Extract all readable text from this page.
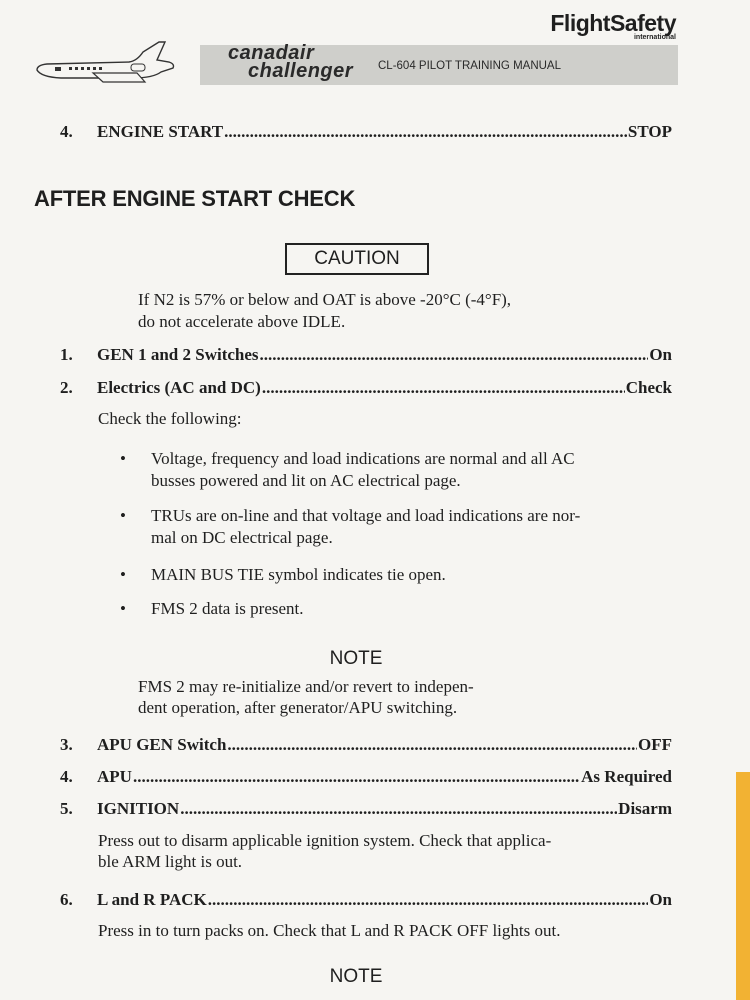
FlightSafety
international
canadair
challenger CL-604 PILOT TRAINING MANUAL
4.	ENGINE START .....	STOP
AFTER ENGINE START CHECK
CAUTION
If N2 is 57% or below and OAT is above -20°C (-4°F),
do not accelerate above IDLE.
1.	GEN 1 and 2 Switches .....	On
2.	Electrics (AC and DC) .....	Check
Check the following:
•	Voltage, frequency and load indications are normal and all AC
busses powered and lit on AC electrical page.
•	TRUs are on-line and that voltage and load indications are nor-
mal on DC electrical page.
•	MAIN BUS TIE symbol indicates tie open.
•	FMS 2 data is present.
NOTE
FMS 2 may re-initialize and/or revert to indepen-
dent operation, after generator/APU switching.
3.	APU GEN Switch .....	OFF
4.	APU .....	As Required
5.	IGNITION .....	Disarm
Press out to disarm applicable ignition system. Check that applica-
ble ARM light is out.
6.	L and R PACK .....	On
Press in to turn packs on. Check that L and R PACK OFF lights out.
NOTE
